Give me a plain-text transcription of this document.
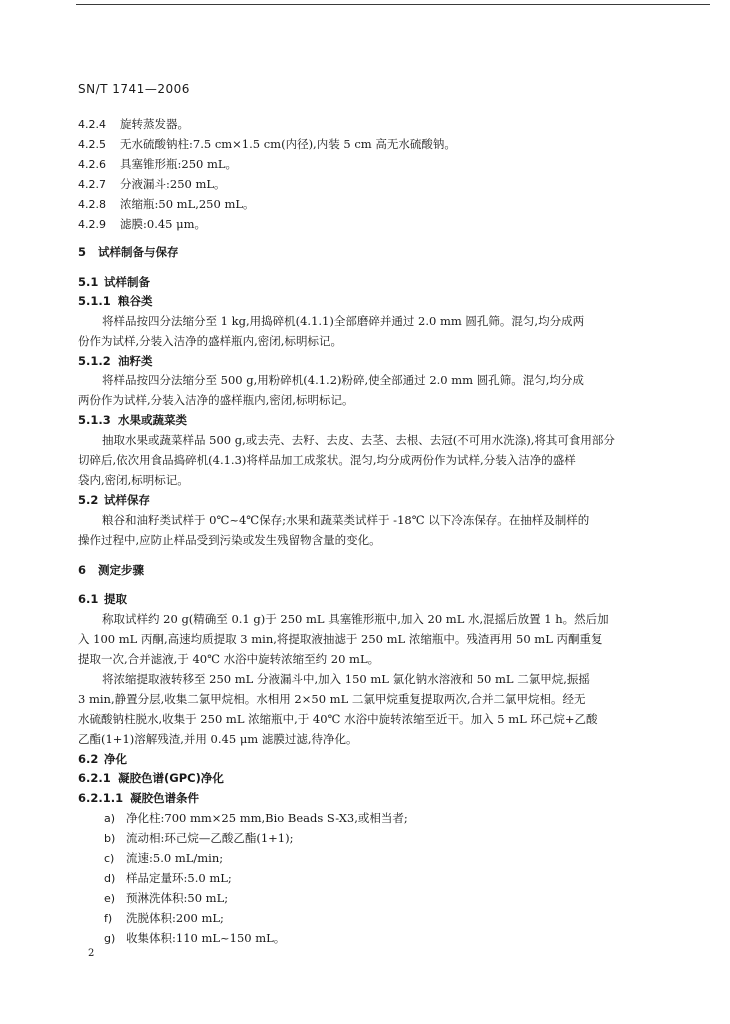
SN/T 1741—2006
4.2.4 旋转蒸发器。
4.2.5 无水硫酸钠柱:7.5 cm×1.5 cm(内径),内装 5 cm 高无水硫酸钠。
4.2.6 具塞锥形瓶:250 mL。
4.2.7 分液漏斗:250 mL。
4.2.8 浓缩瓶:50 mL,250 mL。
4.2.9 滤膜:0.45 μm。
5 试样制备与保存
5.1 试样制备
5.1.1 粮谷类
将样品按四分法缩分至 1 kg,用捣碎机(4.1.1)全部磨碎并通过 2.0 mm 圆孔筛。混匀,均分成两
份作为试样,分装入洁净的盛样瓶内,密闭,标明标记。
5.1.2 油籽类
将样品按四分法缩分至 500 g,用粉碎机(4.1.2)粉碎,使全部通过 2.0 mm 圆孔筛。混匀,均分成
两份作为试样,分装入洁净的盛样瓶内,密闭,标明标记。
5.1.3 水果或蔬菜类
抽取水果或蔬菜样品 500 g,或去壳、去籽、去皮、去茎、去根、去冠(不可用水洗涤),将其可食用部分
切碎后,依次用食品捣碎机(4.1.3)将样品加工成浆状。混匀,均分成两份作为试样,分装入洁净的盛样
袋内,密闭,标明标记。
5.2 试样保存
粮谷和油籽类试样于 0℃~4℃保存;水果和蔬菜类试样于 -18℃ 以下冷冻保存。在抽样及制样的
操作过程中,应防止样品受到污染或发生残留物含量的变化。
6 测定步骤
6.1 提取
称取试样约 20 g(精确至 0.1 g)于 250 mL 具塞锥形瓶中,加入 20 mL 水,混摇后放置 1 h。然后加
入 100 mL 丙酮,高速均质提取 3 min,将提取液抽滤于 250 mL 浓缩瓶中。残渣再用 50 mL 丙酮重复
提取一次,合并滤液,于 40℃ 水浴中旋转浓缩至约 20 mL。
将浓缩提取液转移至 250 mL 分液漏斗中,加入 150 mL 氯化钠水溶液和 50 mL 二氯甲烷,振摇
3 min,静置分层,收集二氯甲烷相。水相用 2×50 mL 二氯甲烷重复提取两次,合并二氯甲烷相。经无
水硫酸钠柱脱水,收集于 250 mL 浓缩瓶中,于 40℃ 水浴中旋转浓缩至近干。加入 5 mL 环己烷+乙酸
乙酯(1+1)溶解残渣,并用 0.45 μm 滤膜过滤,待净化。
6.2 净化
6.2.1 凝胶色谱(GPC)净化
6.2.1.1 凝胶色谱条件
a) 净化柱:700 mm×25 mm,Bio Beads S-X3,或相当者;
b) 流动相:环己烷—乙酸乙酯(1+1);
c) 流速:5.0 mL/min;
d) 样品定量环:5.0 mL;
e) 预淋洗体积:50 mL;
f) 洗脱体积:200 mL;
g) 收集体积:110 mL~150 mL。
2
